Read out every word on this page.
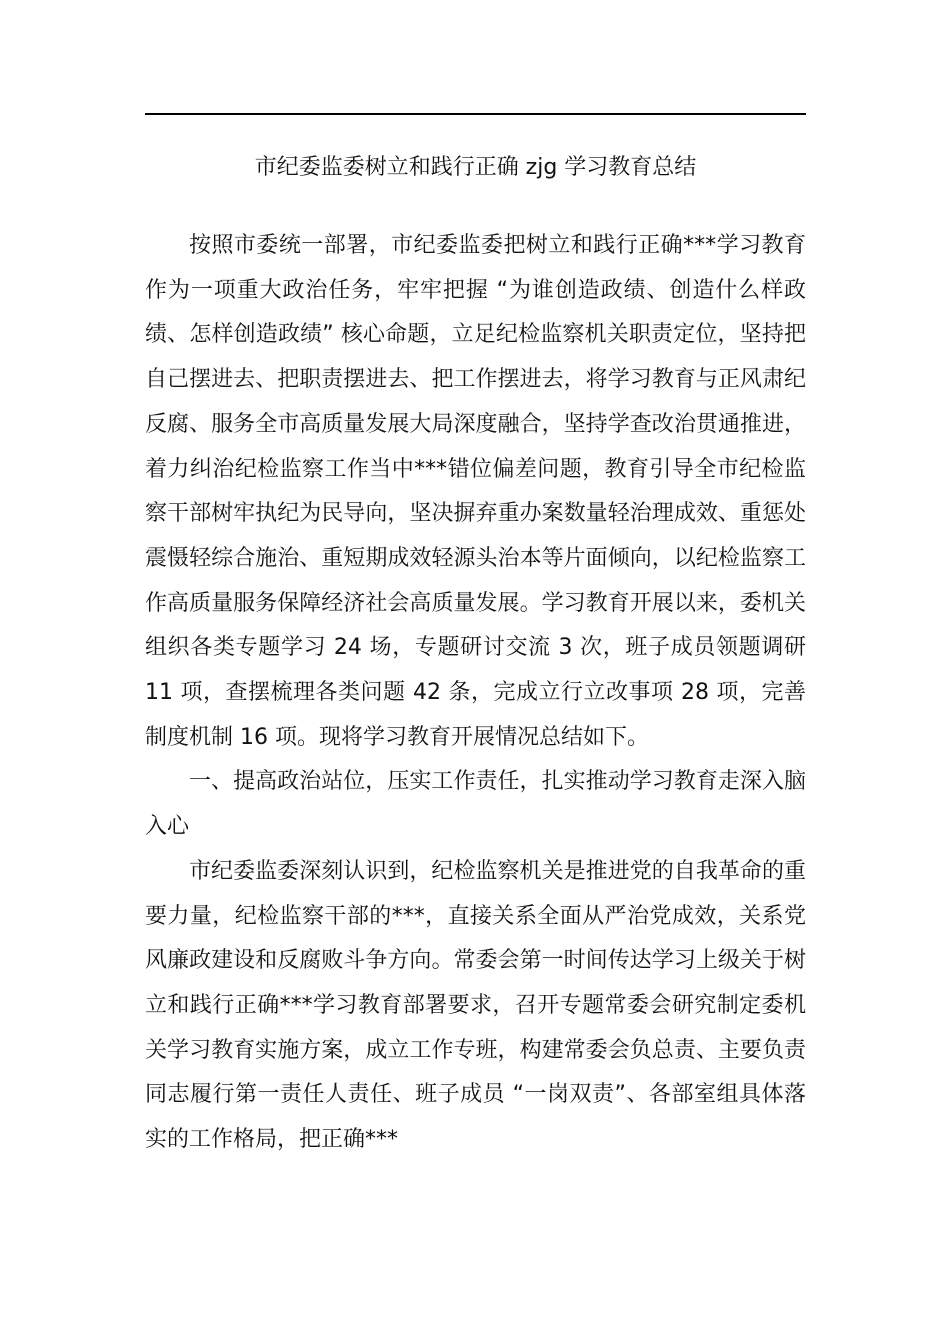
市纪委监委树立和践行正确 zjg 学习教育总结

按照市委统一部署，市纪委监委把树立和践行正确***学习教育作为一项重大政治任务，牢牢把握 “为谁创造政绩、创造什么样政绩、怎样创造政绩” 核心命题，立足纪检监察机关职责定位，坚持把自己摆进去、把职责摆进去、把工作摆进去，将学习教育与正风肃纪反腐、服务全市高质量发展大局深度融合，坚持学查改治贯通推进，着力纠治纪检监察工作当中***错位偏差问题，教育引导全市纪检监察干部树牢执纪为民导向，坚决摒弃重办案数量轻治理成效、重惩处震慑轻综合施治、重短期成效轻源头治本等片面倾向，以纪检监察工作高质量服务保障经济社会高质量发展。学习教育开展以来，委机关组织各类专题学习 24 场，专题研讨交流 3 次，班子成员领题调研 11 项，查摆梳理各类问题 42 条，完成立行立改事项 28 项，完善制度机制 16 项。现将学习教育开展情况总结如下。

一、提高政治站位，压实工作责任，扎实推动学习教育走深入脑入心

市纪委监委深刻认识到，纪检监察机关是推进党的自我革命的重要力量，纪检监察干部的***，直接关系全面从严治党成效，关系党风廉政建设和反腐败斗争方向。常委会第一时间传达学习上级关于树立和践行正确***学习教育部署要求，召开专题常委会研究制定委机关学习教育实施方案，成立工作专班，构建常委会负总责、主要负责同志履行第一责任人责任、班子成员 “一岗双责”、各部室组具体落实的工作格局，把正确***
